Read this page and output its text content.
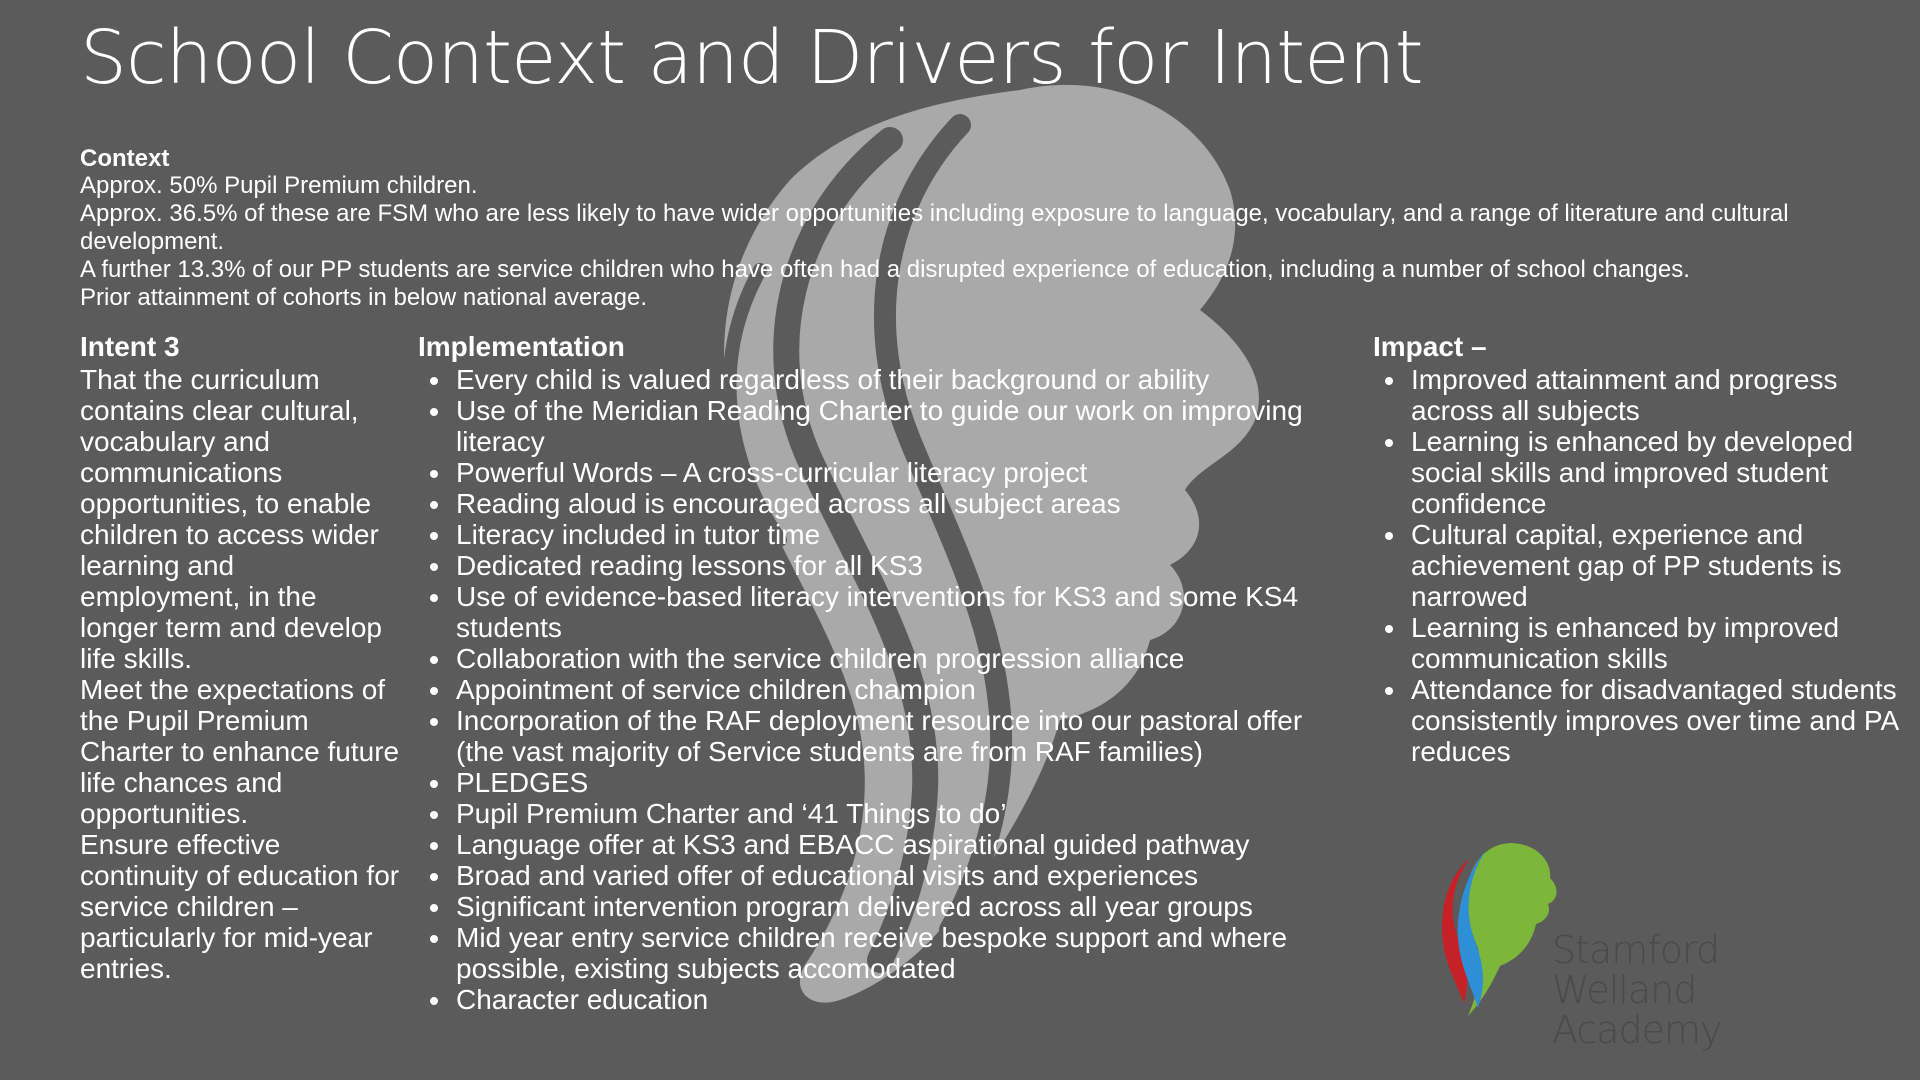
School Context and Drivers for Intent
Context

Approx. 50% Pupil Premium children.

Approx. 36.5% of these are FSM who are less likely to have wider opportunities including exposure to language, vocabulary, and a range of literature and cultural development.

A further 13.3% of our PP students are service children who have often had a disrupted experience of education, including a number of school changes.

Prior attainment of cohorts in below national average.

Intent 3

That the curriculum contains clear cultural, vocabulary and communications opportunities, to enable children to access wider learning and employment, in the longer term and develop life skills.

Meet the expectations of the Pupil Premium Charter to enhance future life chances and opportunities.

Ensure effective continuity of education for service children – particularly for mid-year entries.

Implementation
Every child is valued regardless of their background or ability
Use of the Meridian Reading Charter to guide our work on improving literacy
Powerful Words – A cross-curricular literacy project
Reading aloud is encouraged across all subject areas
Literacy included in tutor time
Dedicated reading lessons for all KS3
Use of evidence-based literacy interventions for KS3 and some KS4 students
Collaboration with the service children progression alliance
Appointment of service children champion
Incorporation of the RAF deployment resource into our pastoral offer (the vast majority of Service students are from RAF families)
PLEDGES
Pupil Premium Charter and ‘41 Things to do’
Language offer at KS3 and EBACC aspirational guided pathway
Broad and varied offer of educational visits and experiences
Significant intervention program delivered across all year groups
Mid year entry service children receive bespoke support and where possible, existing subjects accomodated
Character education
Impact –
Improved attainment and progress across all subjects
Learning is enhanced by developed social skills and improved student confidence
Cultural capital, experience and achievement gap of PP students is narrowed
Learning is enhanced by improved communication skills
Attendance for disadvantaged students consistently improves over time and PA reduces
Stamford Welland
Academy
